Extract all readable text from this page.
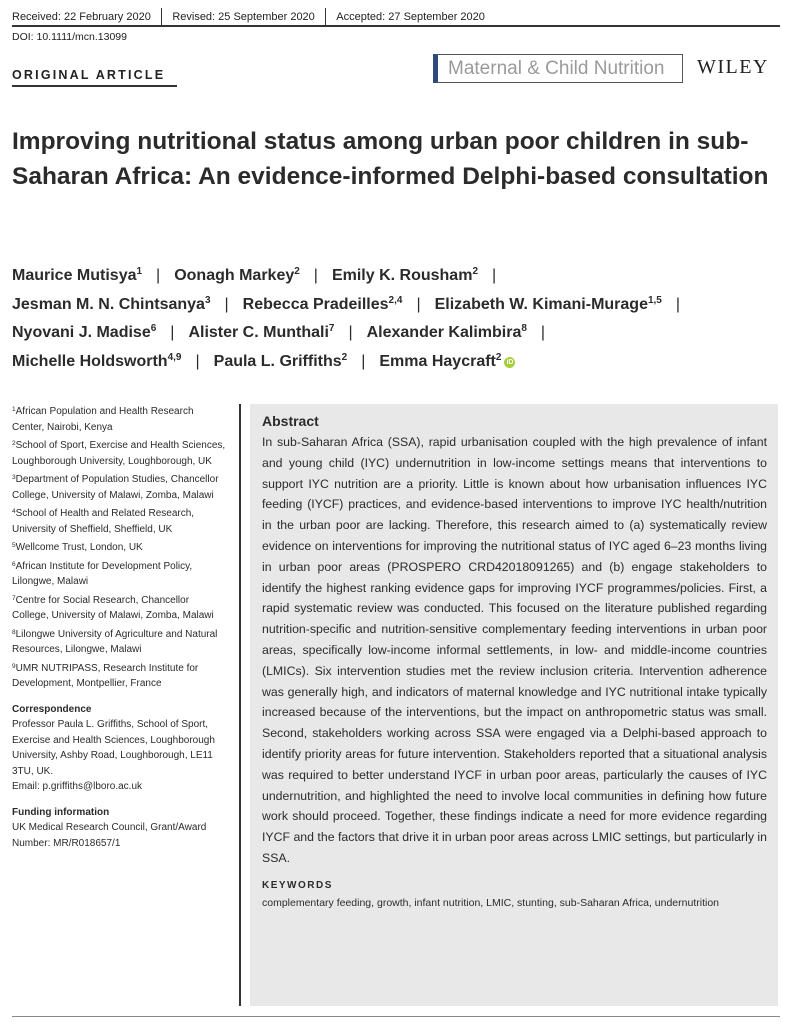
Received: 22 February 2020	Revised: 25 September 2020	Accepted: 27 September 2020
DOI: 10.1111/mcn.13099
ORIGINAL ARTICLE	Maternal & Child Nutrition WILEY
Improving nutritional status among urban poor children in sub-Saharan Africa: An evidence-informed Delphi-based consultation
Maurice Mutisya$^1$ | Oonagh Markey$^2$ | Emily K. Rousham$^2$ |
Jesman M. N. Chintsanya$^3$ | Rebecca Pradeilles$^{2,4}$ | Elizabeth W. Kimani-Murage$^{1,5}$ |
Nyovani J. Madise$^6$ | Alister C. Munthali$^7$ | Alexander Kalimbira$^8$ |
Michelle Holdsworth$^{4,9}$ | Paula L. Griffiths$^2$ | Emma Haycraft$^2$ iD
$^1$African Population and Health Research Center, Nairobi, Kenya
$^2$School of Sport, Exercise and Health Sciences, Loughborough University, Loughborough, UK
$^3$Department of Population Studies, Chancellor College, University of Malawi, Zomba, Malawi
$^4$School of Health and Related Research, University of Sheffield, Sheffield, UK
$^5$Wellcome Trust, London, UK
$^6$African Institute for Development Policy, Lilongwe, Malawi
$^7$Centre for Social Research, Chancellor College, University of Malawi, Zomba, Malawi
$^8$Lilongwe University of Agriculture and Natural Resources, Lilongwe, Malawi
$^9$UMR NUTRIPASS, Research Institute for Development, Montpellier, France
Correspondence
Professor Paula L. Griffiths, School of Sport, Exercise and Health Sciences, Loughborough University, Ashby Road, Loughborough, LE11 3TU, UK.
Email: p.griffiths@lboro.ac.uk
Funding information
UK Medical Research Council, Grant/Award Number: MR/R018657/1
Abstract

In sub-Saharan Africa (SSA), rapid urbanisation coupled with the high prevalence of infant and young child (IYC) undernutrition in low-income settings means that interventions to support IYC nutrition are a priority. Little is known about how urbanisation influences IYC feeding (IYCF) practices, and evidence-based interventions to improve IYC health/nutrition in the urban poor are lacking. Therefore, this research aimed to (a) systematically review evidence on interventions for improving the nutritional status of IYC aged 6–23 months living in urban poor areas (PROSPERO CRD42018091265) and (b) engage stakeholders to identify the highest ranking evidence gaps for improving IYCF programmes/policies. First, a rapid systematic review was conducted. This focused on the literature published regarding nutrition-specific and nutrition-sensitive complementary feeding interventions in urban poor areas, specifically low-income informal settlements, in low- and middle-income countries (LMICs). Six intervention studies met the review inclusion criteria. Intervention adherence was generally high, and indicators of maternal knowledge and IYC nutritional intake typically increased because of the interventions, but the impact on anthropometric status was small. Second, stakeholders working across SSA were engaged via a Delphi-based approach to identify priority areas for future intervention. Stakeholders reported that a situational analysis was required to better understand IYCF in urban poor areas, particularly the causes of IYC undernutrition, and highlighted the need to involve local communities in defining how future work should proceed. Together, these findings indicate a need for more evidence regarding IYCF and the factors that drive it in urban poor areas across LMIC settings, but particularly in SSA.

KEYWORDS
complementary feeding, growth, infant nutrition, LMIC, stunting, sub-Saharan Africa, undernutrition
